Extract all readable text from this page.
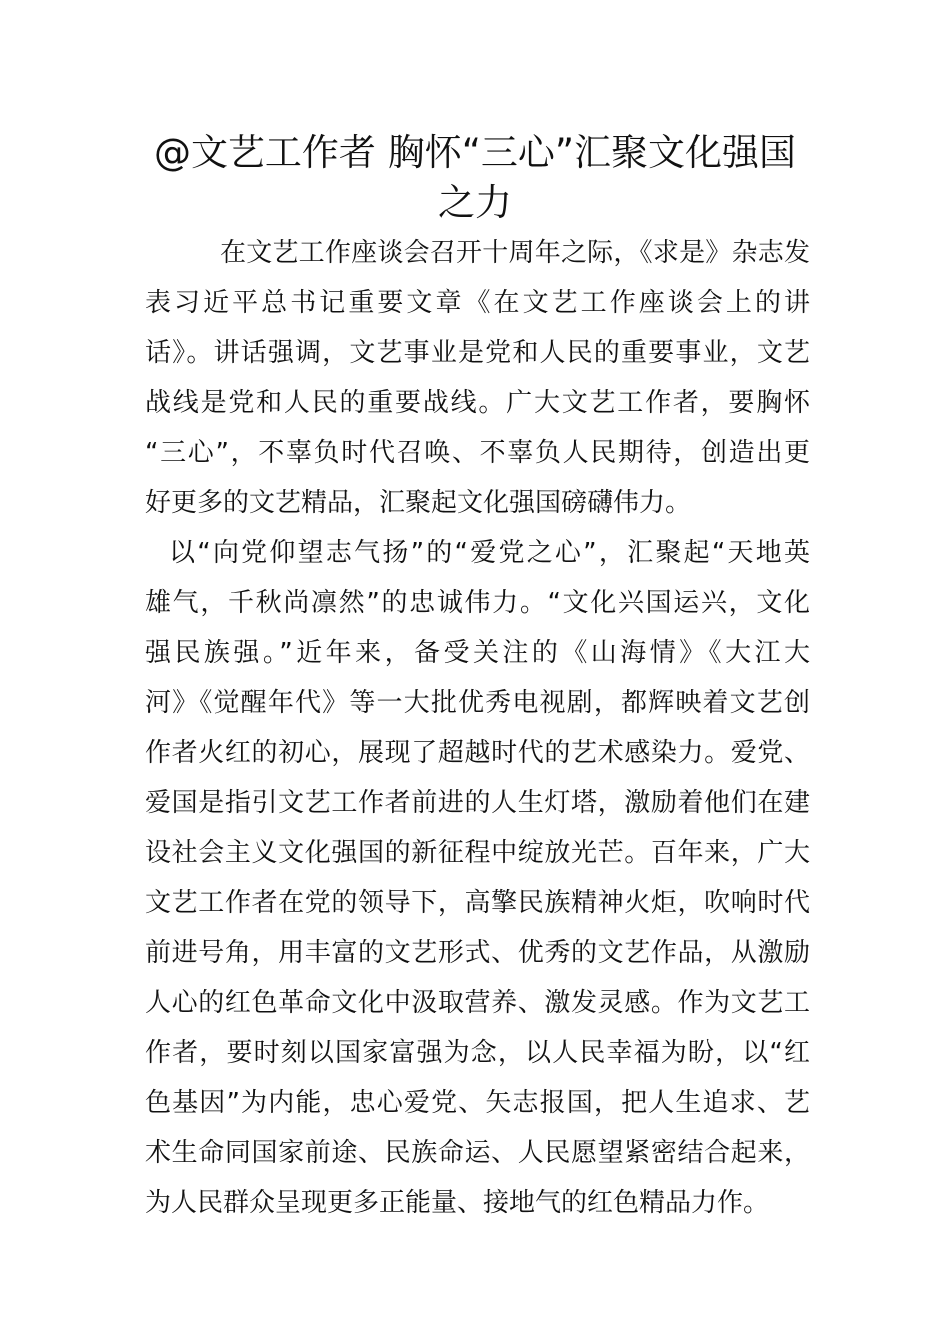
@文艺工作者 胸怀“三心”汇聚文化强国
之力
在文艺工作座谈会召开十周年之际，《求是》杂志发
表习近平总书记重要文章《在文艺工作座谈会上的讲
话》。讲话强调，文艺事业是党和人民的重要事业，文艺
战线是党和人民的重要战线。广大文艺工作者，要胸怀
“三心”，不辜负时代召唤、不辜负人民期待，创造出更
好更多的文艺精品，汇聚起文化强国磅礴伟力。
以“向党仰望志气扬”的“爱党之心”，汇聚起“天地英
雄气，千秋尚凛然”的忠诚伟力。“文化兴国运兴，文化
强民族强。”近年来，备受关注的《山海情》《大江大
河》《觉醒年代》等一大批优秀电视剧，都辉映着文艺创
作者火红的初心，展现了超越时代的艺术感染力。爱党、
爱国是指引文艺工作者前进的人生灯塔，激励着他们在建
设社会主义文化强国的新征程中绽放光芒。百年来，广大
文艺工作者在党的领导下，高擎民族精神火炬，吹响时代
前进号角，用丰富的文艺形式、优秀的文艺作品，从激励
人心的红色革命文化中汲取营养、激发灵感。作为文艺工
作者，要时刻以国家富强为念，以人民幸福为盼，以“红
色基因”为内能，忠心爱党、矢志报国，把人生追求、艺
术生命同国家前途、民族命运、人民愿望紧密结合起来，
为人民群众呈现更多正能量、接地气的红色精品力作。
